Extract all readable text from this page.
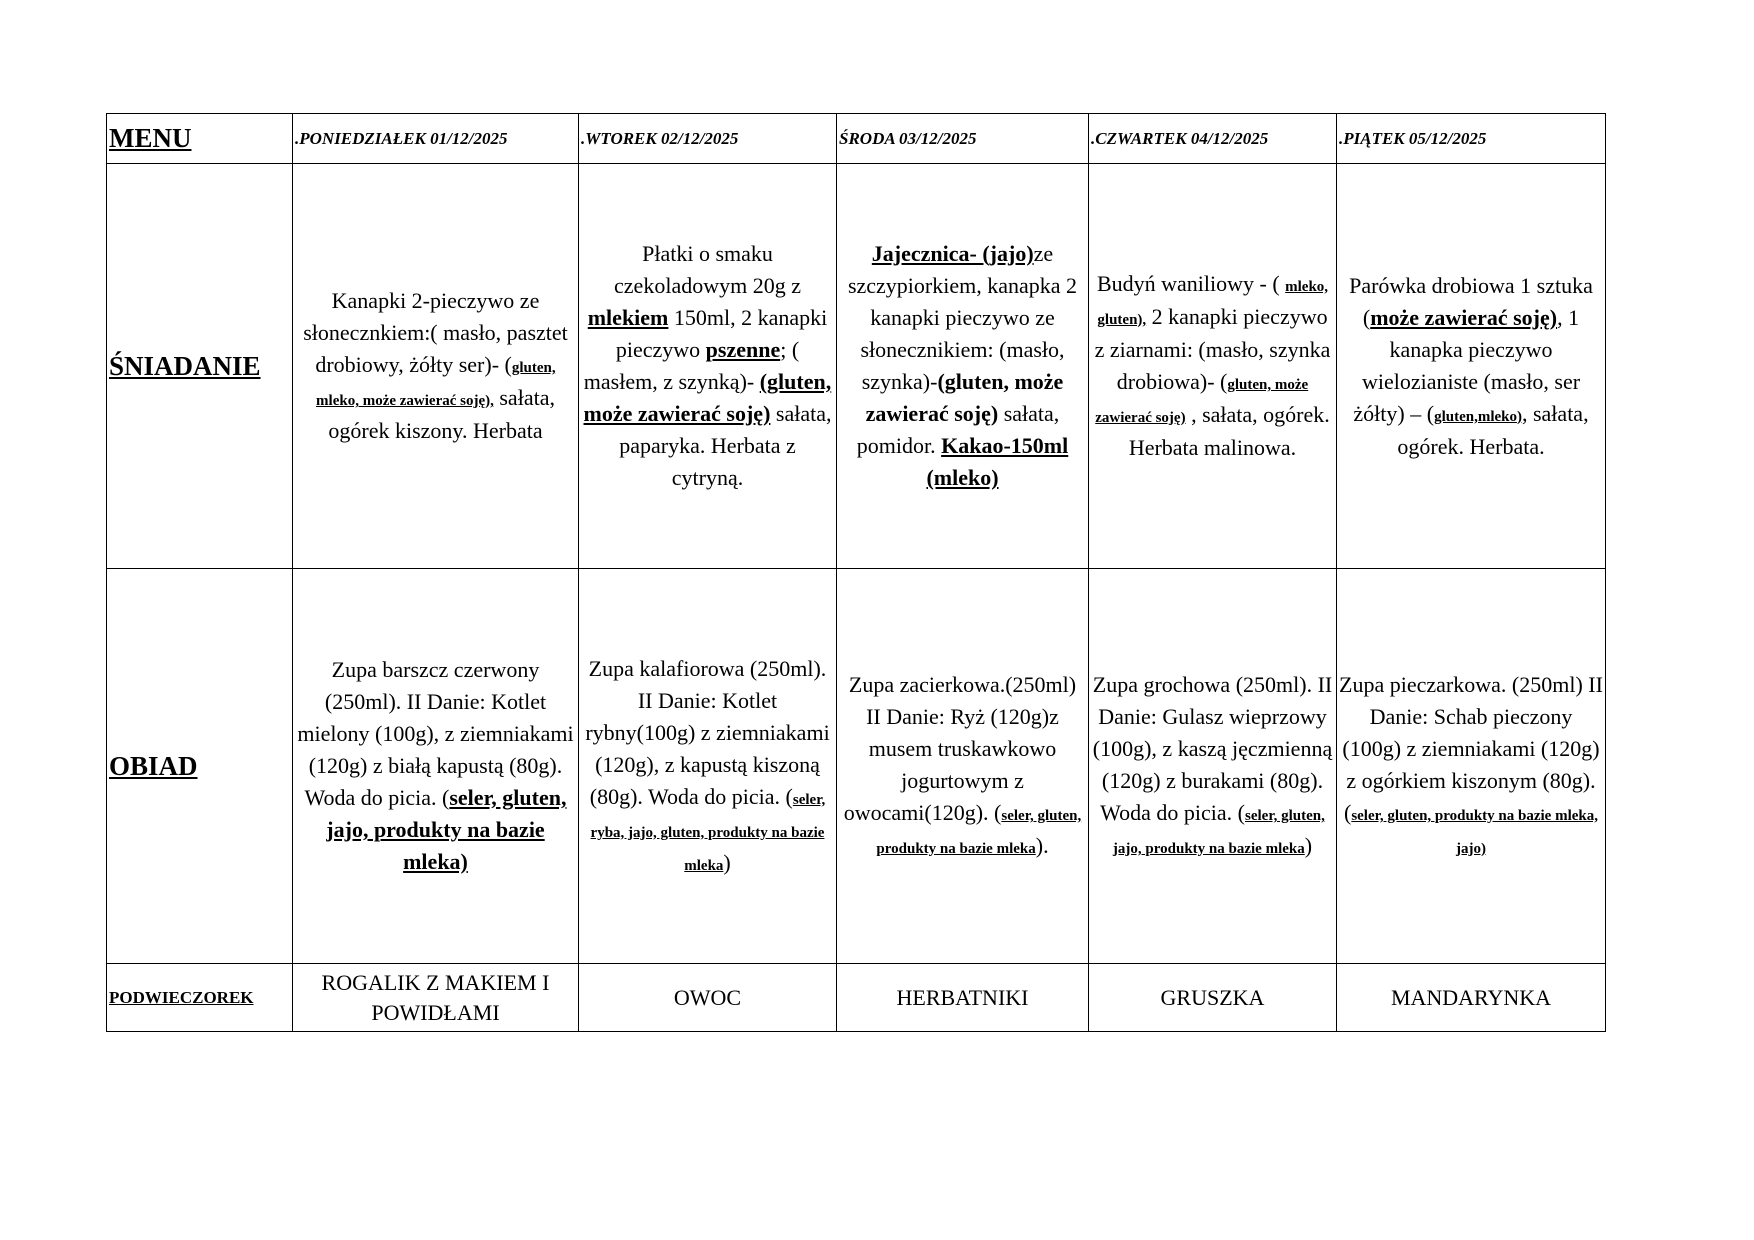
MENU	.PONIEDZIAŁEK 01/12/2025	.WTOREK 02/12/2025	ŚRODA 03/12/2025	.CZWARTEK 04/12/2025	.PIĄTEK 05/12/2025
ŚNIADANIE	Kanapki 2-pieczywo ze słonecznkiem:( masło, pasztet drobiowy, żółty ser)- (gluten, mleko, może zawierać soję), sałata, ogórek kiszony. Herbata	Płatki o smaku czekoladowym 20g z mlekiem 150ml, 2 kanapki pieczywo pszenne; ( masłem, z szynką)- (gluten, może zawierać soję) sałata, paparyka. Herbata z cytryną.	Jajecznica- (jajo)ze szczypiorkiem, kanapka 2 kanapki pieczywo ze słonecznikiem: (masło, szynka)-(gluten, może zawierać soję) sałata, pomidor. Kakao-150ml (mleko)	Budyń waniliowy - ( mleko, gluten), 2 kanapki pieczywo z ziarnami: (masło, szynka drobiowa)- (gluten, może zawierać soję) , sałata, ogórek. Herbata malinowa.	Parówka drobiowa 1 sztuka (może zawierać soję), 1 kanapka pieczywo wielozianiste (masło, ser żółty) – (gluten,mleko), sałata, ogórek. Herbata.
OBIAD	Zupa barszcz czerwony (250ml). II Danie: Kotlet mielony (100g), z ziemniakami (120g) z białą kapustą (80g). Woda do picia. (seler, gluten, jajo, produkty na bazie mleka)	Zupa kalafiorowa (250ml). II Danie: Kotlet rybny(100g) z ziemniakami (120g), z kapustą kiszoną (80g). Woda do picia. (seler, ryba, jajo, gluten, produkty na bazie mleka)	Zupa zacierkowa.(250ml) II Danie: Ryż (120g)z musem truskawkowo jogurtowym z owocami(120g). (seler, gluten, produkty na bazie mleka).	Zupa grochowa (250ml). II Danie: Gulasz wieprzowy (100g), z kaszą jęczmienną (120g) z burakami (80g). Woda do picia. (seler, gluten, jajo, produkty na bazie mleka)	Zupa pieczarkowa. (250ml) II Danie: Schab pieczony (100g) z ziemniakami (120g) z ogórkiem kiszonym (80g). (seler, gluten, produkty na bazie mleka, jajo)
PODWIECZOREK	ROGALIK Z MAKIEM I POWIDŁAMI	OWOC	HERBATNIKI	GRUSZKA	MANDARYNKA
